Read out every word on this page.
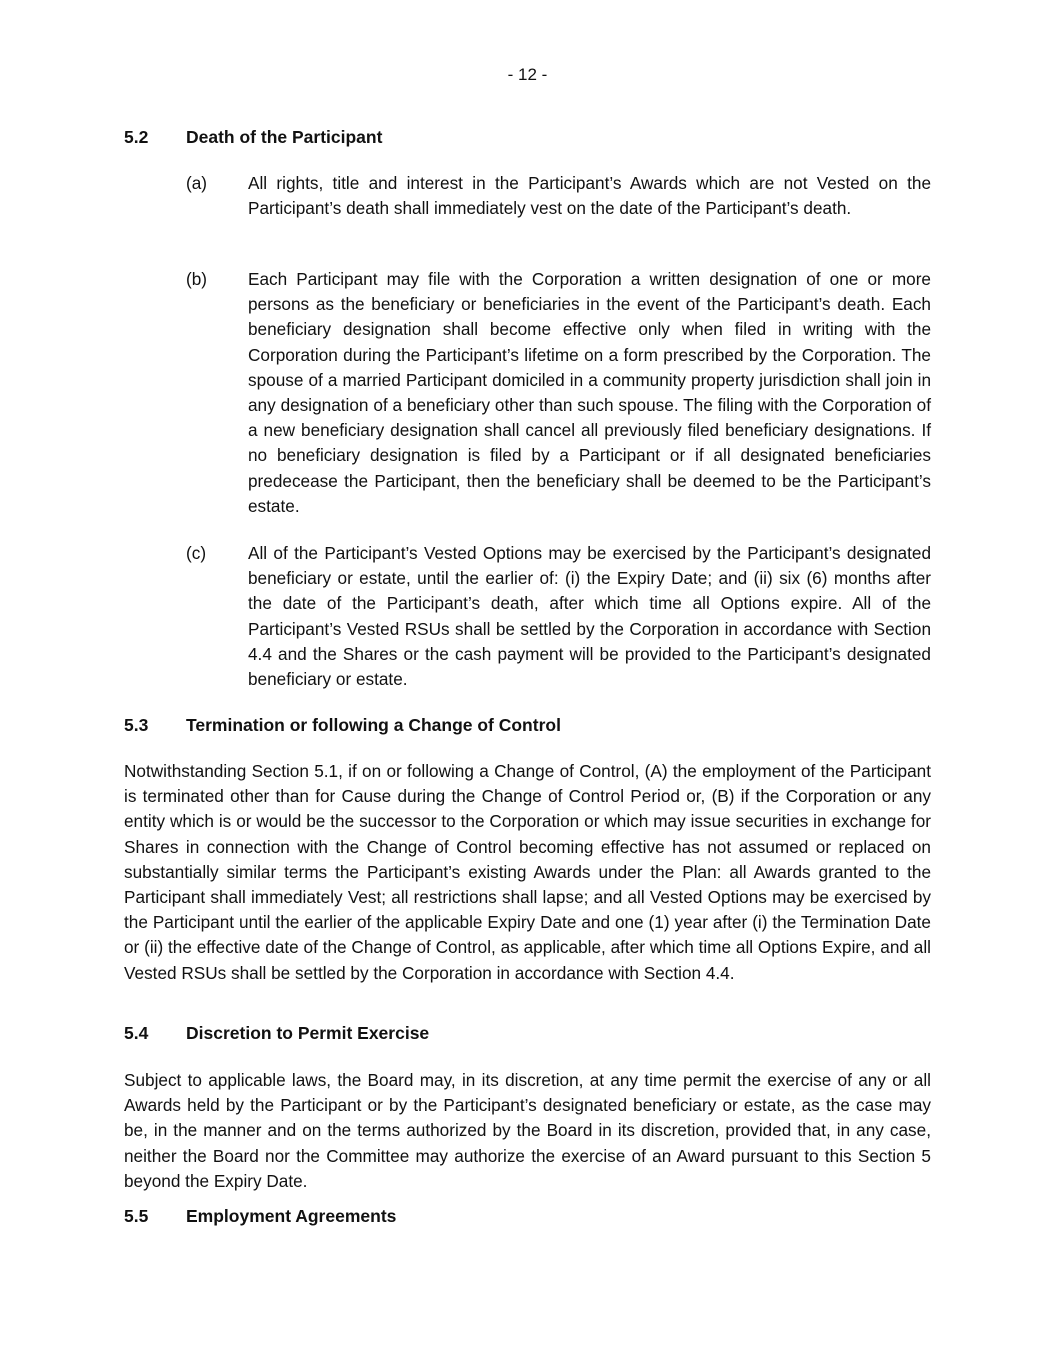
- 12 -
5.2 Death of the Participant
(a) All rights, title and interest in the Participant’s Awards which are not Vested on the Participant’s death shall immediately vest on the date of the Participant’s death.
(b) Each Participant may file with the Corporation a written designation of one or more persons as the beneficiary or beneficiaries in the event of the Participant’s death. Each beneficiary designation shall become effective only when filed in writing with the Corporation during the Participant’s lifetime on a form prescribed by the Corporation. The spouse of a married Participant domiciled in a community property jurisdiction shall join in any designation of a beneficiary other than such spouse. The filing with the Corporation of a new beneficiary designation shall cancel all previously filed beneficiary designations. If no beneficiary designation is filed by a Participant or if all designated beneficiaries predecease the Participant, then the beneficiary shall be deemed to be the Participant’s estate.
(c) All of the Participant’s Vested Options may be exercised by the Participant’s designated beneficiary or estate, until the earlier of: (i) the Expiry Date; and (ii) six (6) months after the date of the Participant’s death, after which time all Options expire. All of the Participant’s Vested RSUs shall be settled by the Corporation in accordance with Section 4.4 and the Shares or the cash payment will be provided to the Participant’s designated beneficiary or estate.
5.3 Termination or following a Change of Control
Notwithstanding Section 5.1, if on or following a Change of Control, (A) the employment of the Participant is terminated other than for Cause during the Change of Control Period or, (B) if the Corporation or any entity which is or would be the successor to the Corporation or which may issue securities in exchange for Shares in connection with the Change of Control becoming effective has not assumed or replaced on substantially similar terms the Participant’s existing Awards under the Plan: all Awards granted to the Participant shall immediately Vest; all restrictions shall lapse; and all Vested Options may be exercised by the Participant until the earlier of the applicable Expiry Date and one (1) year after (i) the Termination Date or (ii) the effective date of the Change of Control, as applicable, after which time all Options Expire, and all Vested RSUs shall be settled by the Corporation in accordance with Section 4.4.
5.4 Discretion to Permit Exercise
Subject to applicable laws, the Board may, in its discretion, at any time permit the exercise of any or all Awards held by the Participant or by the Participant’s designated beneficiary or estate, as the case may be, in the manner and on the terms authorized by the Board in its discretion, provided that, in any case, neither the Board nor the Committee may authorize the exercise of an Award pursuant to this Section 5 beyond the Expiry Date.
5.5 Employment Agreements
